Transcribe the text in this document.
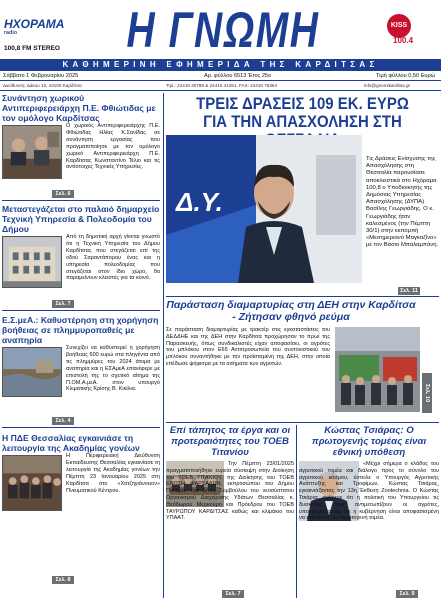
ΗΧΟΡΑΜΑ
radio
100,8 FM STEREO Η ΓΝΩΜΗ	KISS
100.4
ΚΑΘΗΜΕΡΙΝΗ ΕΦΗΜΕΡΙΔΑ ΤΗΣ ΚΑΡΔΙΤΣΑΣ
Σάββατο 1 Φεβρουαρίου 2025	Αρ. φύλλου 6513 Έτος 25ο	Τιμή φύλλου 0,50 Ευρώ
Διεύθυνση: Δάκου 10, 43100 Καρδίτσα	Τηλ.: 24410 40789 & 24410 41251, FAX: 24410 75364	info@gnomikarditsa.gr
Συνάντηση χωρικού Αντιπεριφερειάρχη Π.Ε. Φθιώτιδας με τον ομόλογο Καρδίτσας

Ο χωρικός Αντιπεριφερειάρχης Π.Ε. Φθιώτιδας Ηλίας Κ.Σανίδας σε συνάντηση εργασίας που πραγματοποίησε με τον ομόλογο χωρικό Αντιπεριφερειάρχη Π.Ε. Καρδίτσας Κωνσταντίνο Τέλιο και τις αντίστοιχες Τεχνικές Υπηρεσίες.

Σελ. 6
Μεταστεγάζεται στο παλαιό δημαρχείο Τεχνική Υπηρεσία & Πολεοδομία του Δήμου

Από τη δημοτική αρχή γίνεται γνωστό ότι η Τεχνική Υπηρεσία του Δήμου Καρδίτσας που στεγάζεται επί της οδού Σαραντάπορου ένας και η υπηρεσία πολεοδομίας που στεγάζεται στον ίδιο χώρο, θα παραμείνουν κλειστές για τα κοινό.

Σελ. 7
Ε.Σ.μεΑ.: Καθυστέρηση στη χορήγηση βοήθειας σε πλημμυροπαθείς με αναπηρία

Συνεχίζει να καθυστερεί η χορήγηση βοήθειας 600 ευρώ στα πληγέντα από τις πλημμύρες του 2024 άτομα με αναπηρία και η ΕΣΑμεΑ επανέφερε με επιστολή της το σχετικό αίτημα της Π.ΟΜ.Α.μεΑ. στον υπουργό Κλιματικής Κρίσης Β. Κικίλια.

Σελ. 4
Η ΠΔΕ Θεσσαλίας εγκαινιάσε τη λειτουργία της Ακαδημίας γονέων

Η Περιφερειακή Διεύθυνση Εκπαίδευσης Θεσσαλίας εγκαινίασε τη λειτουργία της Ακαδημίας γονέων την Πέμπτη 23 Ιανουαρίου 2025 στη Καρδίτσα στο «Χατζηγιάννειον» Πνευματικού Κέντρου.

Σελ. 8
ΤΡΕΙΣ ΔΡΑΣΕΙΣ 109 ΕΚ. ΕΥΡΩ ΓΙΑ ΤΗΝ ΑΠΑΣΧΟΛΗΣΗ ΣΤΗ
Δ.Υ.
Τις Δράσεις Ενίσχυσης της Απασχόλησης στη Θεσσαλία παρουσίασε αποκλειστικά στο Ηχόραμα 100,8 ο Υποδιοικητής της Δημόσιας Υπηρεσίας Απασχόλησης (ΔΥΠΑ) Βασίλης Γεωργιάδης. Ο κ. Γεωργιάδης ήταν καλεσμένος (την Πέμπτη 30/1) στην εκπομπή «Μεσημεριανό Μαγκαζίνο» με τον Βάσιο Μπαλαμπάνη.
Σελ. 11
Παράσταση διαμαρτυρίας στη ΔΕΗ στην Καρδίτσα - Ζήτησαν φθηνό ρεύμα

Σε παράσταση διαμαρτυρίας με τρακτέρ στις εγκαταστάσεις του ΔΕΔΔΗΕ και της ΔΕΗ στην Καρδίτσα προχώρησαν το πρωί της Παρασκευής, όπως συνδικαλιστές είχαν αποφασίσει, οι αγρότες του μπλόκου στον Ε65 Αντιπροσωπεία του συντονιστικού του μπλόκου συναντήθηκε με την προϊσταμένη της ΔΕΗ, στην οποία επέδωσε ψήφισμα με τα αιτήματα των αγροτών.

Σελ. 10
Επί τάπητος τα έργα και οι προτεραιότητες του ΤΟΕΒ Τιτανίου

Την Πέμπτη 23/01/2025 πραγματοποιήθηκε ευρεία σύσκεψη στην Διοίκηση του ΤΟΕΒ ΤΙΤΑΝΙΟΥ, της Διοίκησης του ΤΟΕΒ ΕΝΩΣΗ ΦΑΡΣΑΛΩΝ, εκπροσώπου του Δήμου Παλαμά, του Δ/ντη Συμβούλου του νεοσύστατου Οργανισμού Διαχείρισης Υδάτων Θεσσαλίας κ. Θεόδωρου Μερκούρη και Πρόεδρου του ΤΟΕΒ ΤΑΥΡΩΠΟΥ ΚΑΡΔΙΤΣΑΣ καθώς και κλιμάκιο του ΥΠΑΑΤ.

Σελ. 7
Κώστας Τσιάρας: Ο πρωτογενής τομέας είναι εθνική υπόθεση

«Μέχρι σήμερα ο κλάδος του αγροτικού τομέα και διάλογο προς το σύνολο του αγροτικού κόσμου, έστειλε ο Υπουργός Αγροτικής Ανάπτυξης και Τροφίμων, Κώστας Τσιάρας, εγκαινιάζοντας την 13η Έκθεση Zootechnia. Ο Κώστας Τσιάρας ανέφερε ότι η πολιτική του Υπουργείου τις δυσκολίες που αντιμετωπίζουν οι αγρότες, υπογραμμίζοντας ότι η κυβέρνηση είναι αποφασισμένη να ενισχύσει τον πρωτογενή τομέα.

Σελ. 9
